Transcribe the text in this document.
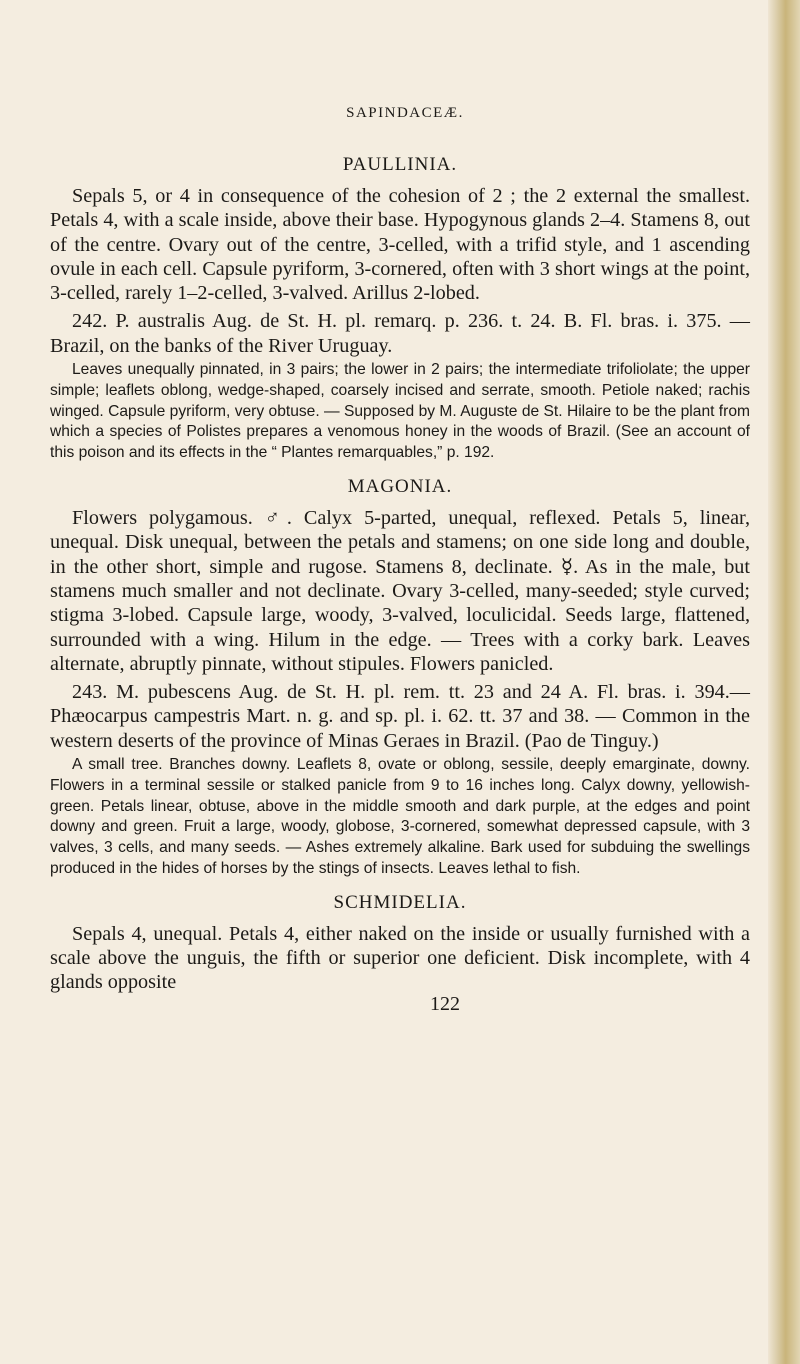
SAPINDACEÆ.
PAULLINIA.

Sepals 5, or 4 in consequence of the cohesion of 2 ; the 2 external the smallest. Petals 4, with a scale inside, above their base. Hypogynous glands 2–4. Stamens 8, out of the centre. Ovary out of the centre, 3-celled, with a trifid style, and 1 ascending ovule in each cell. Capsule pyriform, 3-cornered, often with 3 short wings at the point, 3-celled, rarely 1–2-celled, 3-valved. Arillus 2-lobed.

242. P. australis Aug. de St. H. pl. remarq. p. 236. t. 24. B. Fl. bras. i. 375. — Brazil, on the banks of the River Uruguay.

Leaves unequally pinnated, in 3 pairs; the lower in 2 pairs; the intermediate trifoliolate; the upper simple; leaflets oblong, wedge-shaped, coarsely incised and serrate, smooth. Petiole naked; rachis winged. Capsule pyriform, very obtuse. — Supposed by M. Auguste de St. Hilaire to be the plant from which a species of Polistes prepares a venomous honey in the woods of Brazil. (See an account of this poison and its effects in the “ Plantes remarquables,” p. 192.

MAGONIA.

Flowers polygamous. ♂. Calyx 5-parted, unequal, reflexed. Petals 5, linear, unequal. Disk unequal, between the petals and stamens; on one side long and double, in the other short, simple and rugose. Stamens 8, declinate. ☿. As in the male, but stamens much smaller and not declinate. Ovary 3-celled, many-seeded; style curved; stigma 3-lobed. Capsule large, woody, 3-valved, loculicidal. Seeds large, flattened, surrounded with a wing. Hilum in the edge. — Trees with a corky bark. Leaves alternate, abruptly pinnate, without stipules. Flowers panicled.

243. M. pubescens Aug. de St. H. pl. rem. tt. 23 and 24 A. Fl. bras. i. 394.— Phæocarpus campestris Mart. n. g. and sp. pl. i. 62. tt. 37 and 38. — Common in the western deserts of the province of Minas Geraes in Brazil. (Pao de Tinguy.)

A small tree. Branches downy. Leaflets 8, ovate or oblong, sessile, deeply emarginate, downy. Flowers in a terminal sessile or stalked panicle from 9 to 16 inches long. Calyx downy, yellowish-green. Petals linear, obtuse, above in the middle smooth and dark purple, at the edges and point downy and green. Fruit a large, woody, globose, 3-cornered, somewhat depressed capsule, with 3 valves, 3 cells, and many seeds. — Ashes extremely alkaline. Bark used for subduing the swellings produced in the hides of horses by the stings of insects. Leaves lethal to fish.

SCHMIDELIA.

Sepals 4, unequal. Petals 4, either naked on the inside or usually furnished with a scale above the unguis, the fifth or superior one deficient. Disk incomplete, with 4 glands opposite

122
